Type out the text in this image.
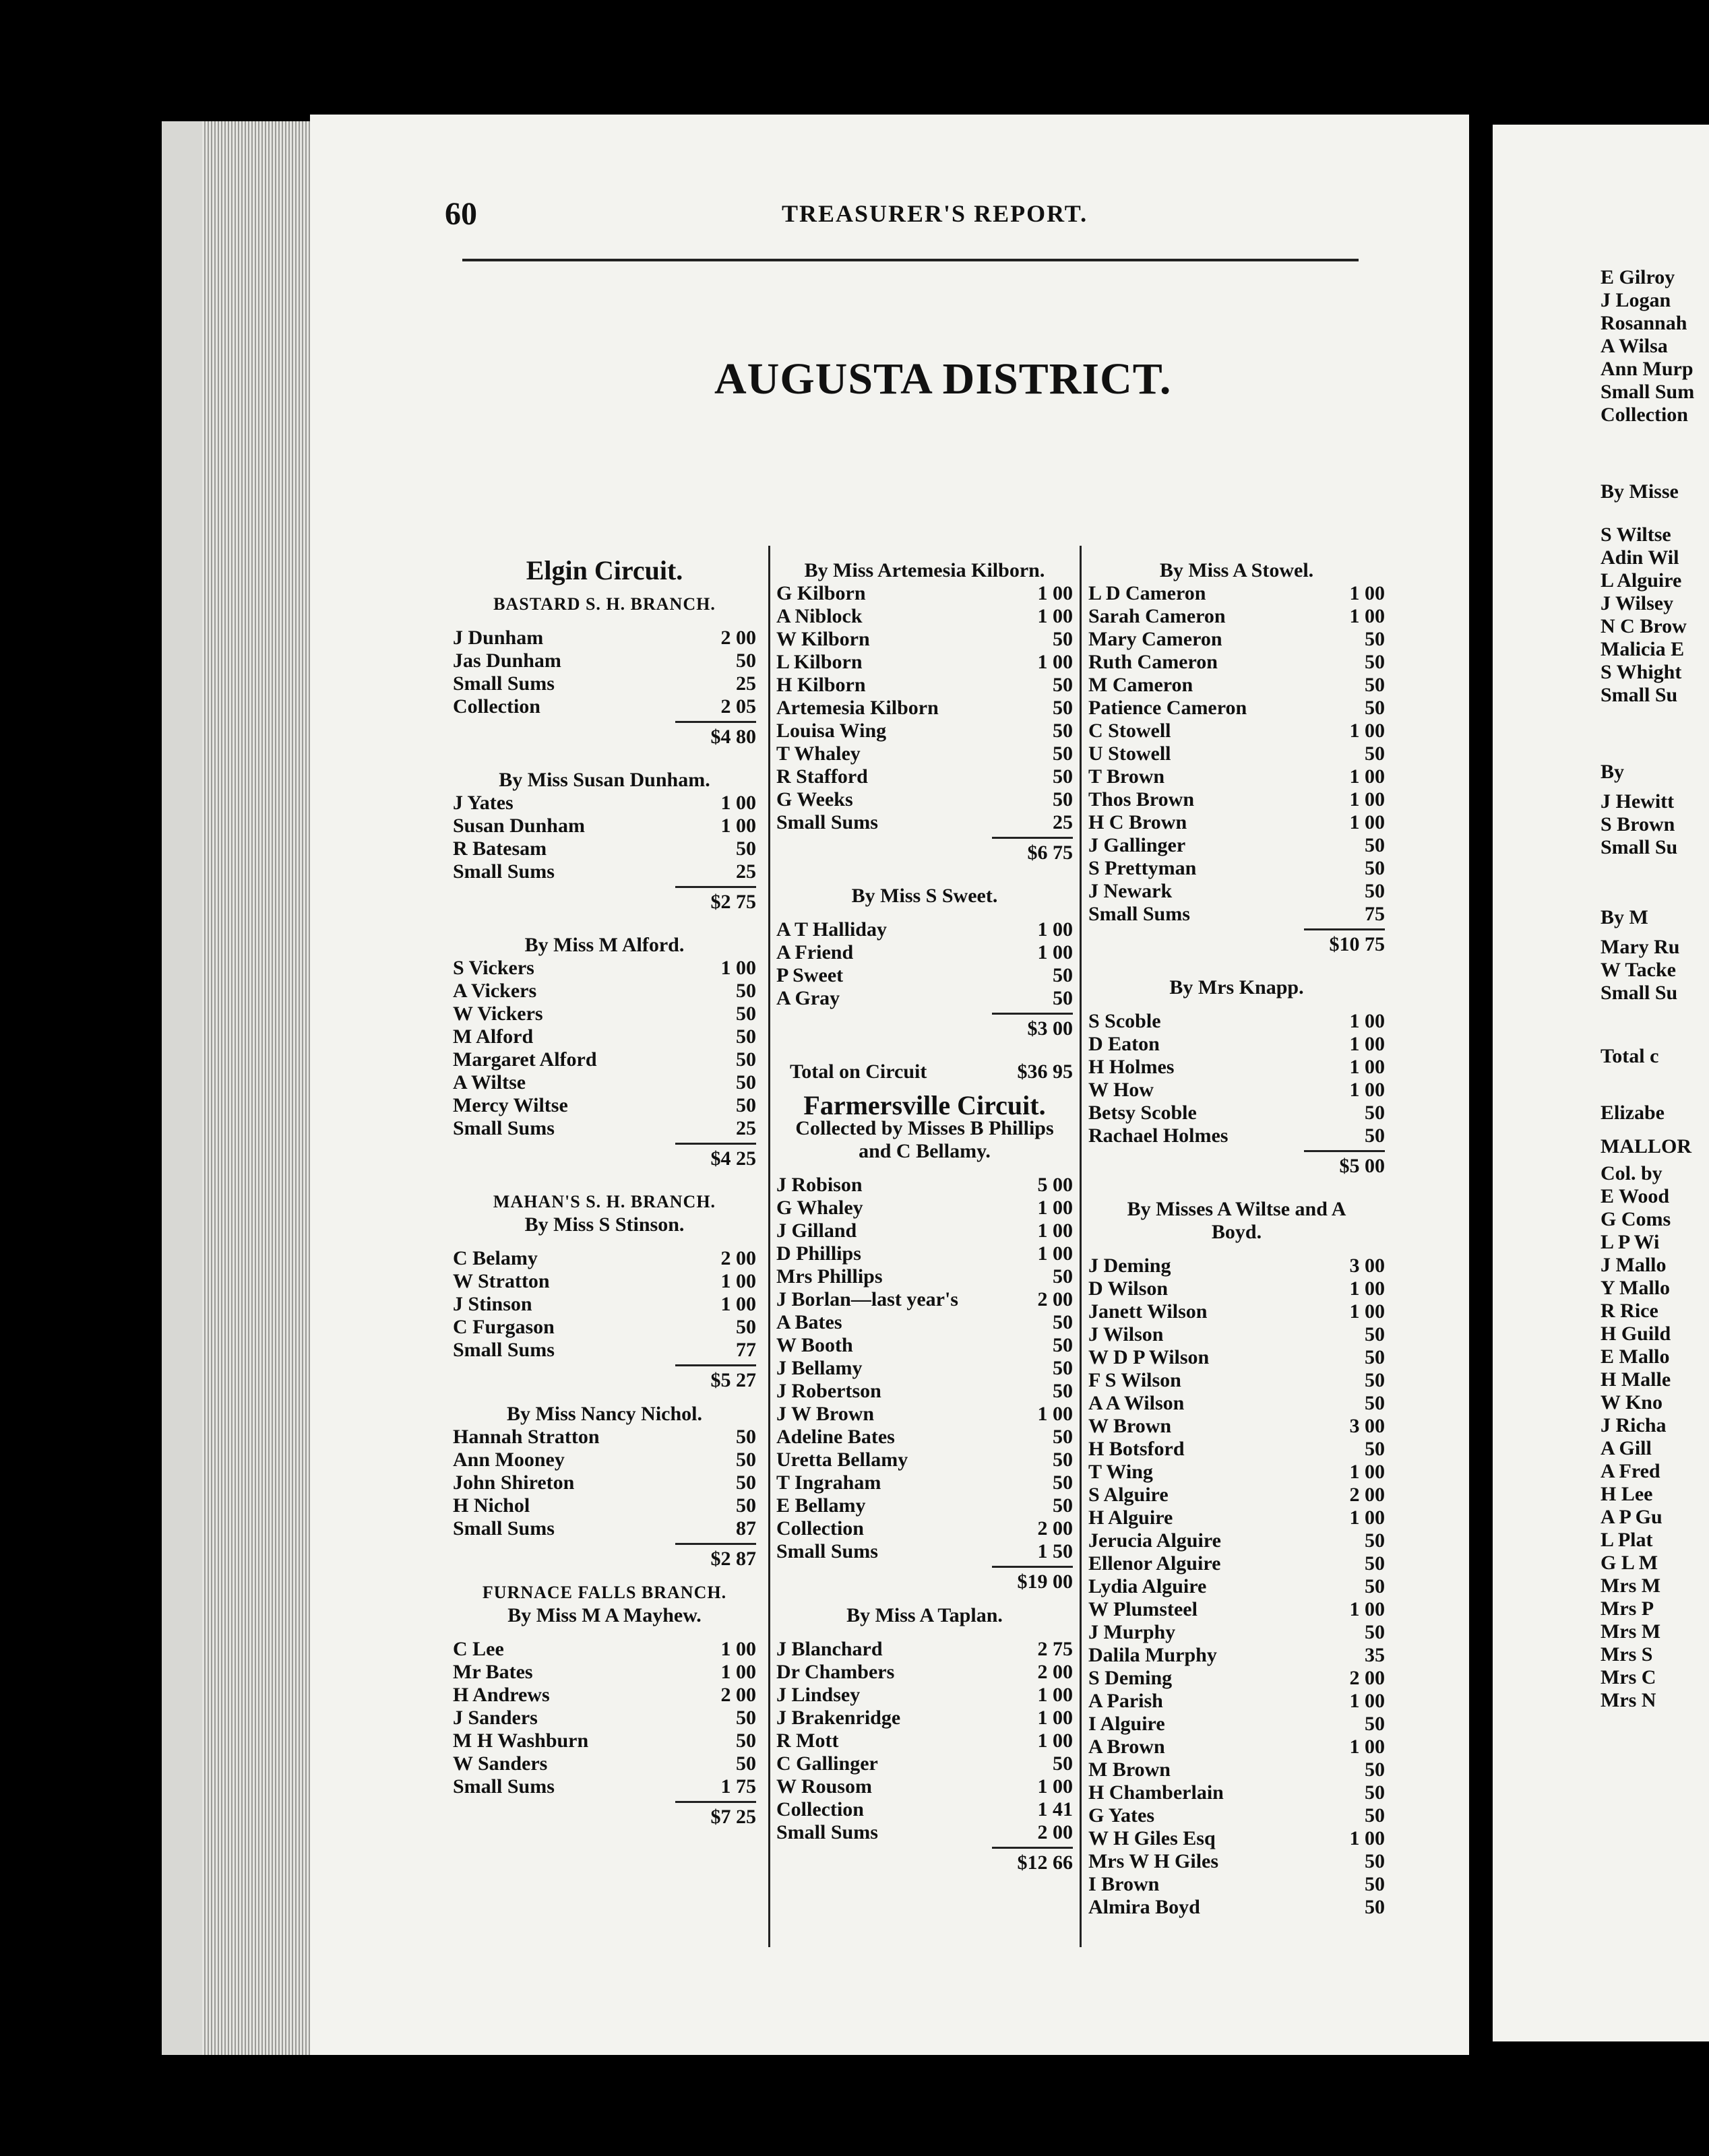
60	TREASURER'S REPORT.
AUGUSTA DISTRICT.
Elgin Circuit.
BASTARD S. H. BRANCH.
J Dunham	2 00
Jas Dunham	50
Small Sums	25
Collection	2 05
$4 80
By Miss Susan Dunham.
J Yates	1 00
Susan Dunham	1 00
R Batesam	50
Small Sums	25
$2 75
By Miss M Alford.
S Vickers	1 00
A Vickers	50
W Vickers	50
M Alford	50
Margaret Alford	50
A Wiltse	50
Mercy Wiltse	50
Small Sums	25
$4 25
MAHAN'S S. H. BRANCH.
By Miss S Stinson.
C Belamy	2 00
W Stratton	1 00
J Stinson	1 00
C Furgason	50
Small Sums	77
$5 27
By Miss Nancy Nichol.
Hannah Stratton	50
Ann Mooney	50
John Shireton	50
H Nichol	50
Small Sums	87
$2 87
FURNACE FALLS BRANCH.
By Miss M A Mayhew.
C Lee	1 00
Mr Bates	1 00
H Andrews	2 00
J Sanders	50
M H Washburn	50
W Sanders	50
Small Sums	1 75
$7 25
By Miss Artemesia Kilborn.
G Kilborn	1 00
A Niblock	1 00
W Kilborn	50
L Kilborn	1 00
H Kilborn	50
Artemesia Kilborn	50
Louisa Wing	50
T Whaley	50
R Stafford	50
G Weeks	50
Small Sums	25
$6 75
By Miss S Sweet.
A T Halliday	1 00
A Friend	1 00
P Sweet	50
A Gray	50
$3 00
Total on Circuit	$36 95
Farmersville Circuit.
Collected by Misses B Phillips and C Bellamy.
J Robison	5 00
G Whaley	1 00
J Gilland	1 00
D Phillips	1 00
Mrs Phillips	50
J Borlan—last year's	2 00
A Bates	50
W Booth	50
J Bellamy	50
J Robertson	50
J W Brown	1 00
Adeline Bates	50
Uretta Bellamy	50
T Ingraham	50
E Bellamy	50
Collection	2 00
Small Sums	1 50
$19 00
By Miss A Taplan.
J Blanchard	2 75
Dr Chambers	2 00
J Lindsey	1 00
J Brakenridge	1 00
R Mott	1 00
C Gallinger	50
W Rousom	1 00
Collection	1 41
Small Sums	2 00
$12 66
By Miss A Stowel.
L D Cameron	1 00
Sarah Cameron	1 00
Mary Cameron	50
Ruth Cameron	50
M Cameron	50
Patience Cameron	50
C Stowell	1 00
U Stowell	50
T Brown	1 00
Thos Brown	1 00
H C Brown	1 00
J Gallinger	50
S Prettyman	50
J Newark	50
Small Sums	75
$10 75
By Mrs Knapp.
S Scoble	1 00
D Eaton	1 00
H Holmes	1 00
W How	1 00
Betsy Scoble	50
Rachael Holmes	50
$5 00
By Misses A Wiltse and A Boyd.
J Deming	3 00
D Wilson	1 00
Janett Wilson	1 00
J Wilson	50
W D P Wilson	50
F S Wilson	50
A A Wilson	50
W Brown	3 00
H Botsford	50
T Wing	1 00
S Alguire	2 00
H Alguire	1 00
Jerucia Alguire	50
Ellenor Alguire	50
Lydia Alguire	50
W Plumsteel	1 00
J Murphy	50
Dalila Murphy	35
S Deming	2 00
A Parish	1 00
I Alguire	50
A Brown	1 00
M Brown	50
H Chamberlain	50
G Yates	50
W H Giles Esq	1 00
Mrs W H Giles	50
I Brown	50
Almira Boyd	50
E Gilroy
J Logan
Rosannah
A Wilsa
Ann Murp
Small Sum
Collection
By Misse
S Wiltse
Adin Wil
L Alguire
J Wilsey
N C Brow
Malicia E
S Whight
Small Su
By
J Hewitt
S Brown
Small Su
By M
Mary Ru
W Tacke
Small Su
Total c
Elizabe
MALLOR
Col. by
E Wood
G Coms
L P Wi
J Mallo
Y Mallo
R Rice
H Guild
E Mallo
H Malle
W Kno
J Richa
A Gill
A Fred
H Lee
A P Gu
L Plat
G L M
Mrs M
Mrs P
Mrs M
Mrs S
Mrs C
Mrs N
